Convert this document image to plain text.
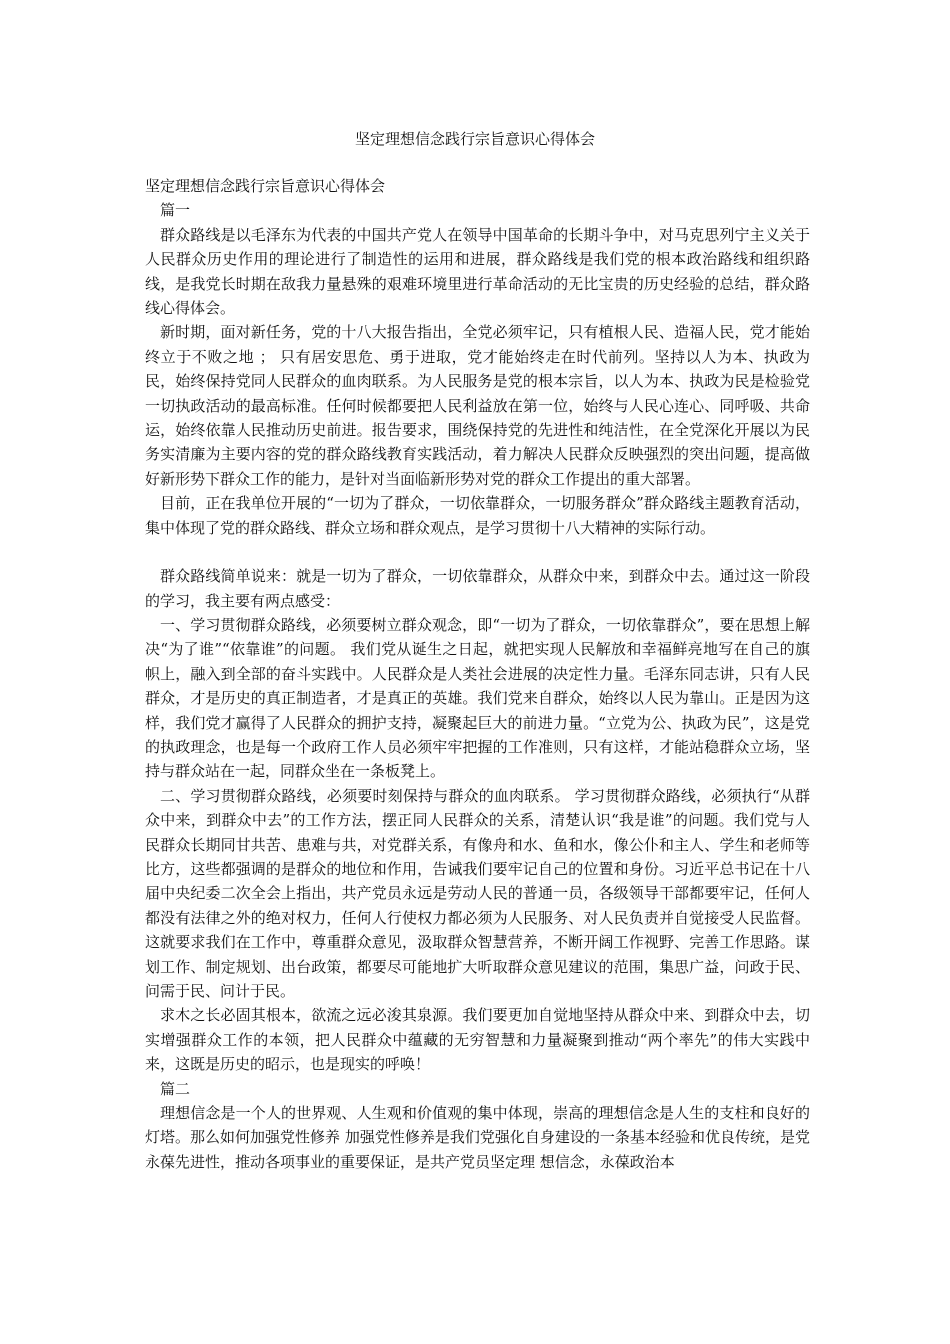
坚定理想信念践行宗旨意识心得体会

坚定理想信念践行宗旨意识心得体会

篇一

群众路线是以毛泽东为代表的中国共产党人在领导中国革命的长期斗争中，对马克思列宁主义关于人民群众历史作用的理论进行了制造性的运用和进展，群众路线是我们党的根本政治路线和组织路线，是我党长时期在敌我力量悬殊的艰难环境里进行革命活动的无比宝贵的历史经验的总结，群众路线心得体会。

新时期，面对新任务，党的十八大报告指出，全党必须牢记，只有植根人民、造福人民，党才能始终立于不败之地 ； 只有居安思危、勇于进取，党才能始终走在时代前列。坚持以人为本、执政为民，始终保持党同人民群众的血肉联系。为人民服务是党的根本宗旨，以人为本、执政为民是检验党一切执政活动的最高标准。任何时候都要把人民利益放在第一位，始终与人民心连心、同呼吸、共命运，始终依靠人民推动历史前进。报告要求，围绕保持党的先进性和纯洁性，在全党深化开展以为民务实清廉为主要内容的党的群众路线教育实践活动，着力解决人民群众反映强烈的突出问题，提高做好新形势下群众工作的能力，是针对当面临新形势对党的群众工作提出的重大部署。

目前，正在我单位开展的“一切为了群众，一切依靠群众，一切服务群众”群众路线主题教育活动，集中体现了党的群众路线、群众立场和群众观点，是学习贯彻十八大精神的实际行动。

群众路线简单说来：就是一切为了群众，一切依靠群众，从群众中来，到群众中去。通过这一阶段的学习，我主要有两点感受：

一、学习贯彻群众路线，必须要树立群众观念，即“一切为了群众，一切依靠群众”，要在思想上解决“为了谁”“依靠谁”的问题。 我们党从诞生之日起，就把实现人民解放和幸福鲜亮地写在自己的旗帜上，融入到全部的奋斗实践中。人民群众是人类社会进展的决定性力量。毛泽东同志讲，只有人民群众，才是历史的真正制造者，才是真正的英雄。我们党来自群众，始终以人民为靠山。正是因为这样，我们党才赢得了人民群众的拥护支持，凝聚起巨大的前进力量。“立党为公、执政为民”，这是党的执政理念，也是每一个政府工作人员必须牢牢把握的工作准则，只有这样，才能站稳群众立场，坚持与群众站在一起，同群众坐在一条板凳上。

二、学习贯彻群众路线，必须要时刻保持与群众的血肉联系。 学习贯彻群众路线，必须执行“从群众中来，到群众中去”的工作方法，摆正同人民群众的关系，清楚认识“我是谁”的问题。我们党与人民群众长期同甘共苦、患难与共，对党群关系，有像舟和水、鱼和水，像公仆和主人、学生和老师等比方，这些都强调的是群众的地位和作用，告诫我们要牢记自己的位置和身份。习近平总书记在十八届中央纪委二次全会上指出，共产党员永远是劳动人民的普通一员，各级领导干部都要牢记，任何人都没有法律之外的绝对权力，任何人行使权力都必须为人民服务、对人民负责并自觉接受人民监督。这就要求我们在工作中，尊重群众意见，汲取群众智慧营养，不断开阔工作视野、完善工作思路。谋划工作、制定规划、出台政策，都要尽可能地扩大听取群众意见建议的范围，集思广益，问政于民、问需于民、问计于民。

求木之长必固其根本，欲流之远必浚其泉源。我们要更加自觉地坚持从群众中来、到群众中去，切实增强群众工作的本领，把人民群众中蕴藏的无穷智慧和力量凝聚到推动“两个率先”的伟大实践中来，这既是历史的昭示，也是现实的呼唤！

篇二

理想信念是一个人的世界观、人生观和价值观的集中体现，崇高的理想信念是人生的支柱和良好的灯塔。那么如何加强党性修养 加强党性修养是我们党强化自身建设的一条基本经验和优良传统，是党永葆先进性，推动各项事业的重要保证，是共产党员坚定理 想信念，永葆政治本
